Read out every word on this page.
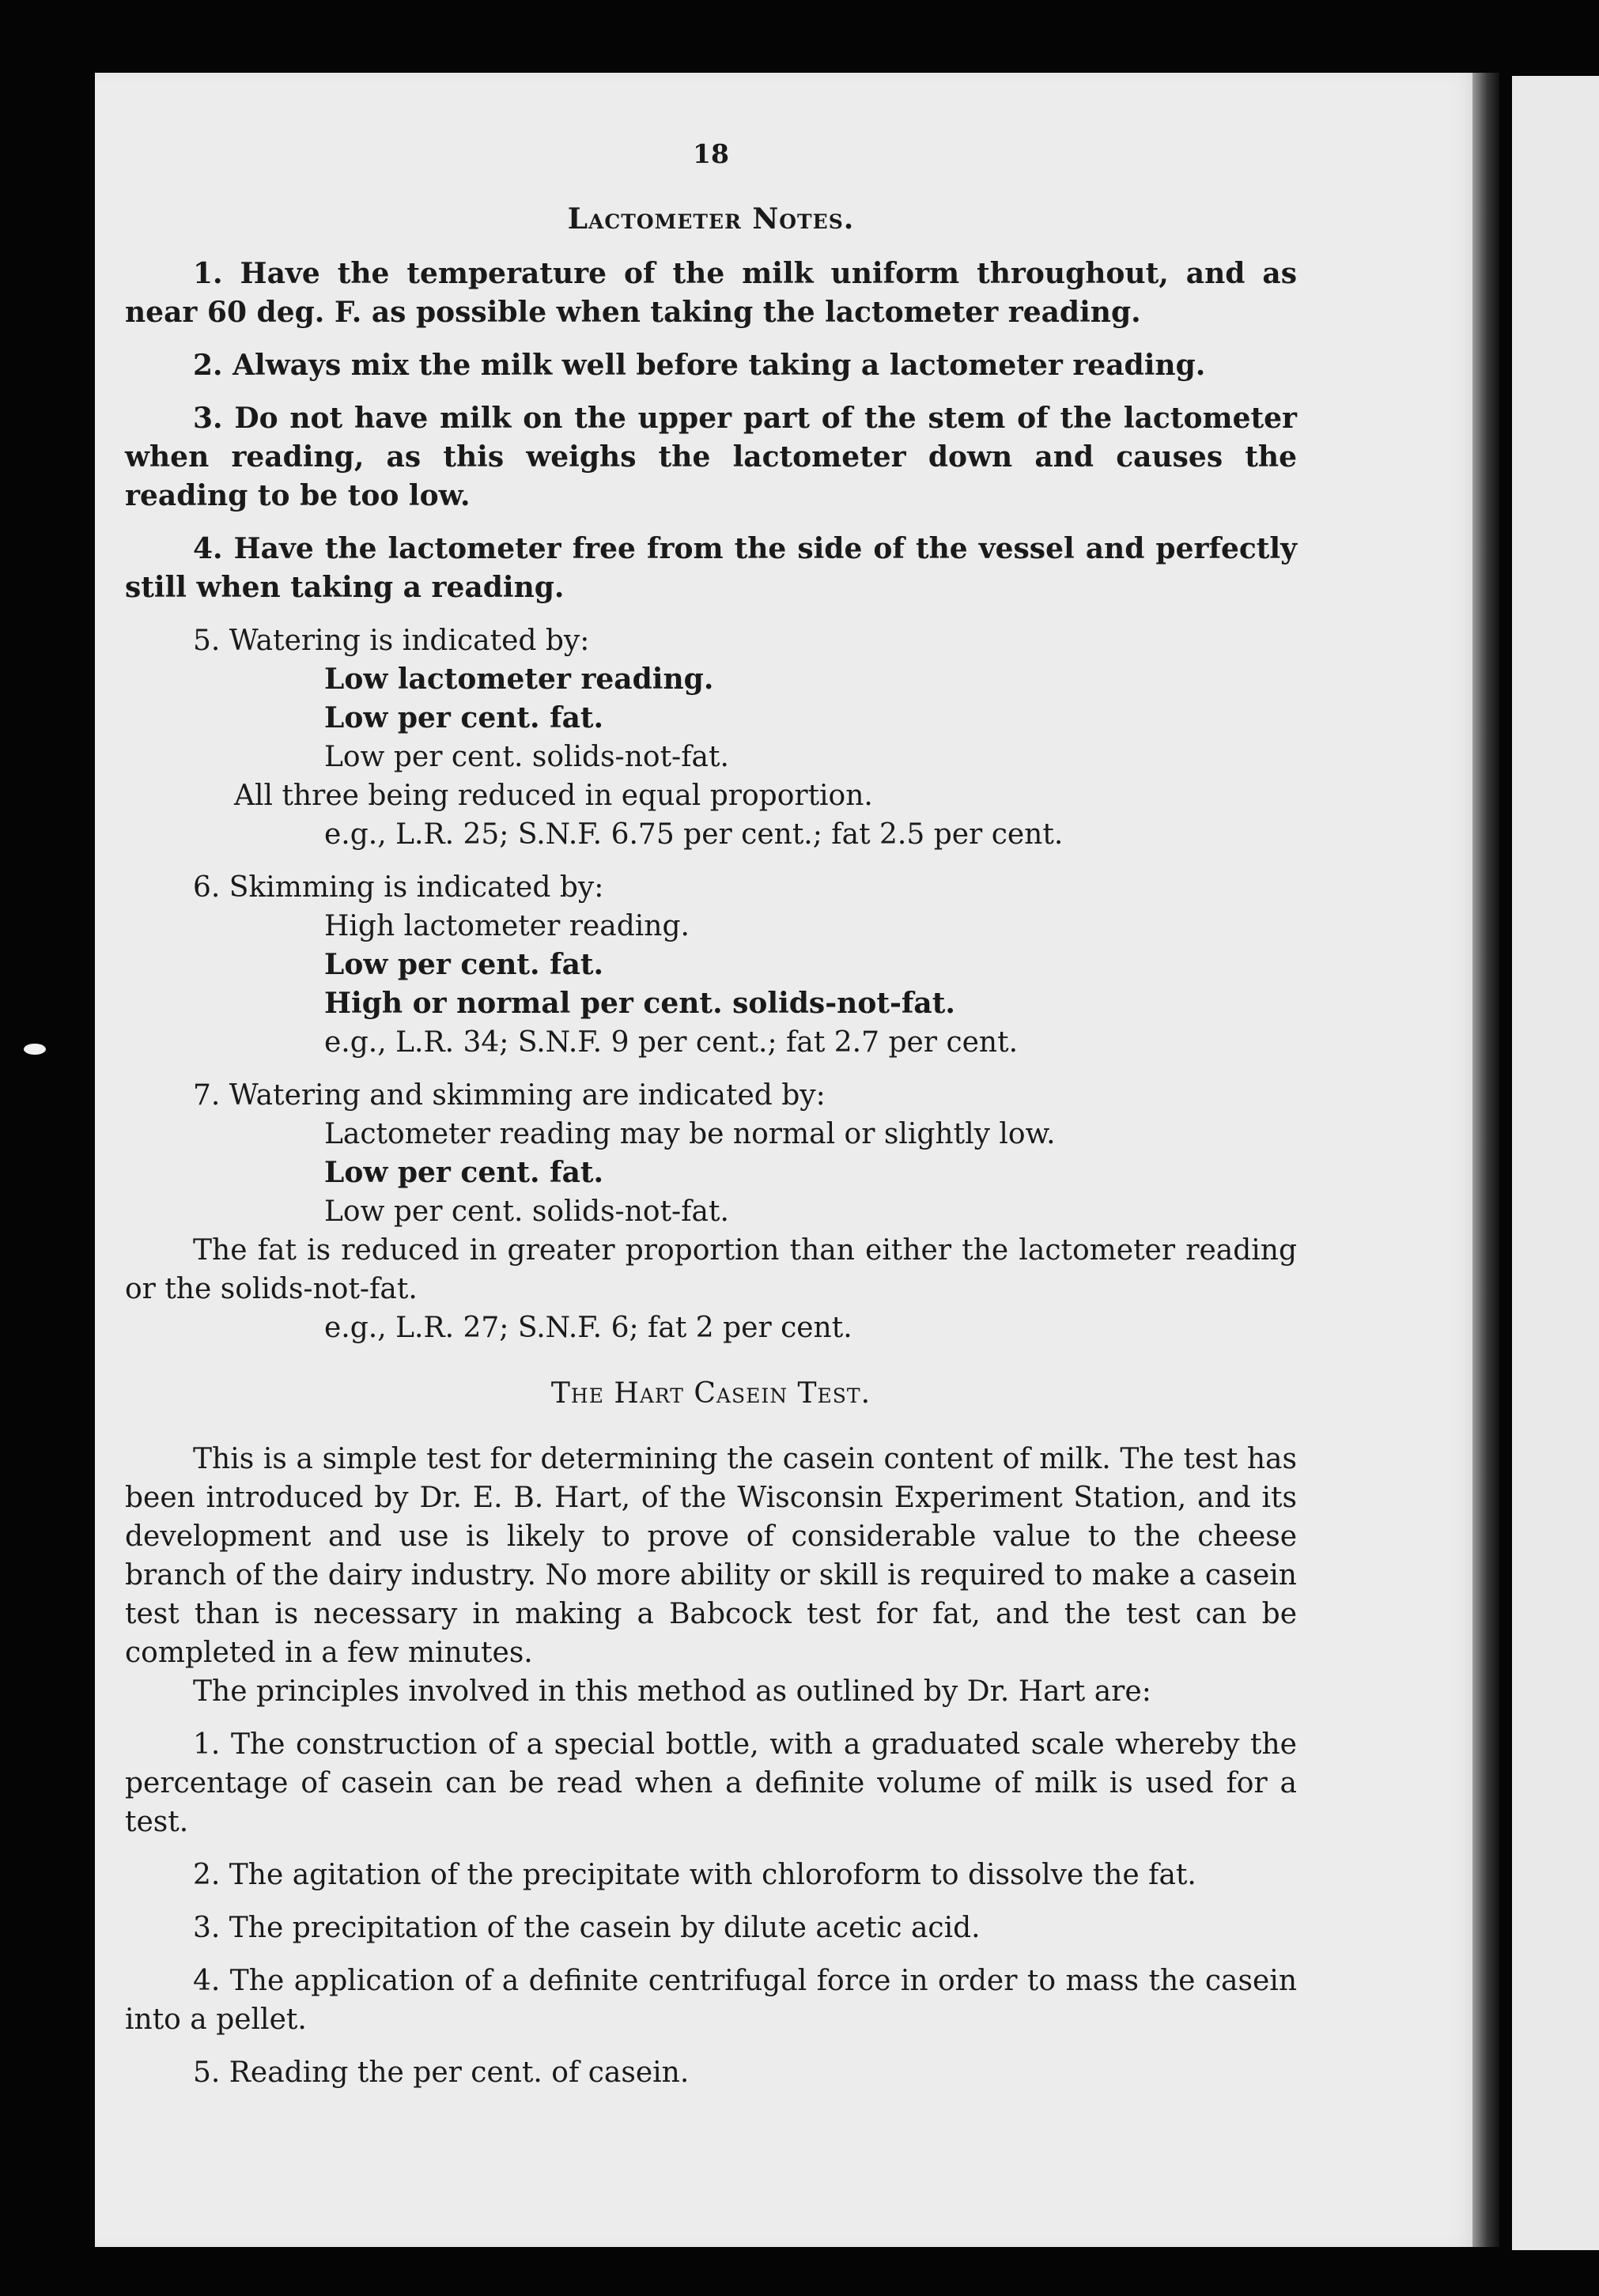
18
Lactometer Notes.

1. Have the temperature of the milk uniform throughout, and as near 60 deg. F. as possible when taking the lactometer reading.

2. Always mix the milk well before taking a lactometer reading.

3. Do not have milk on the upper part of the stem of the lactometer when reading, as this weighs the lactometer down and causes the reading to be too low.

4. Have the lactometer free from the side of the vessel and perfectly still when taking a reading.

5. Watering is indicated by:

Low lactometer reading.
Low per cent. fat.
Low per cent. solids-not-fat.
All three being reduced in equal proportion.
e.g., L.R. 25; S.N.F. 6.75 per cent.; fat 2.5 per cent.

6. Skimming is indicated by:

High lactometer reading.
Low per cent. fat.
High or normal per cent. solids-not-fat.
e.g., L.R. 34; S.N.F. 9 per cent.; fat 2.7 per cent.

7. Watering and skimming are indicated by:

Lactometer reading may be normal or slightly low.
Low per cent. fat.
Low per cent. solids-not-fat.

The fat is reduced in greater proportion than either the lactometer reading or the solids-not-fat.

e.g., L.R. 27; S.N.F. 6; fat 2 per cent.
The Hart Casein Test.

This is a simple test for determining the casein content of milk. The test has been introduced by Dr. E. B. Hart, of the Wisconsin Experiment Station, and its development and use is likely to prove of considerable value to the cheese branch of the dairy industry. No more ability or skill is required to make a casein test than is necessary in making a Babcock test for fat, and the test can be completed in a few minutes.

The principles involved in this method as outlined by Dr. Hart are:

1. The construction of a special bottle, with a graduated scale whereby the percentage of casein can be read when a definite volume of milk is used for a test.

2. The agitation of the precipitate with chloroform to dissolve the fat.

3. The precipitation of the casein by dilute acetic acid.

4. The application of a definite centrifugal force in order to mass the casein into a pellet.

5. Reading the per cent. of casein.
